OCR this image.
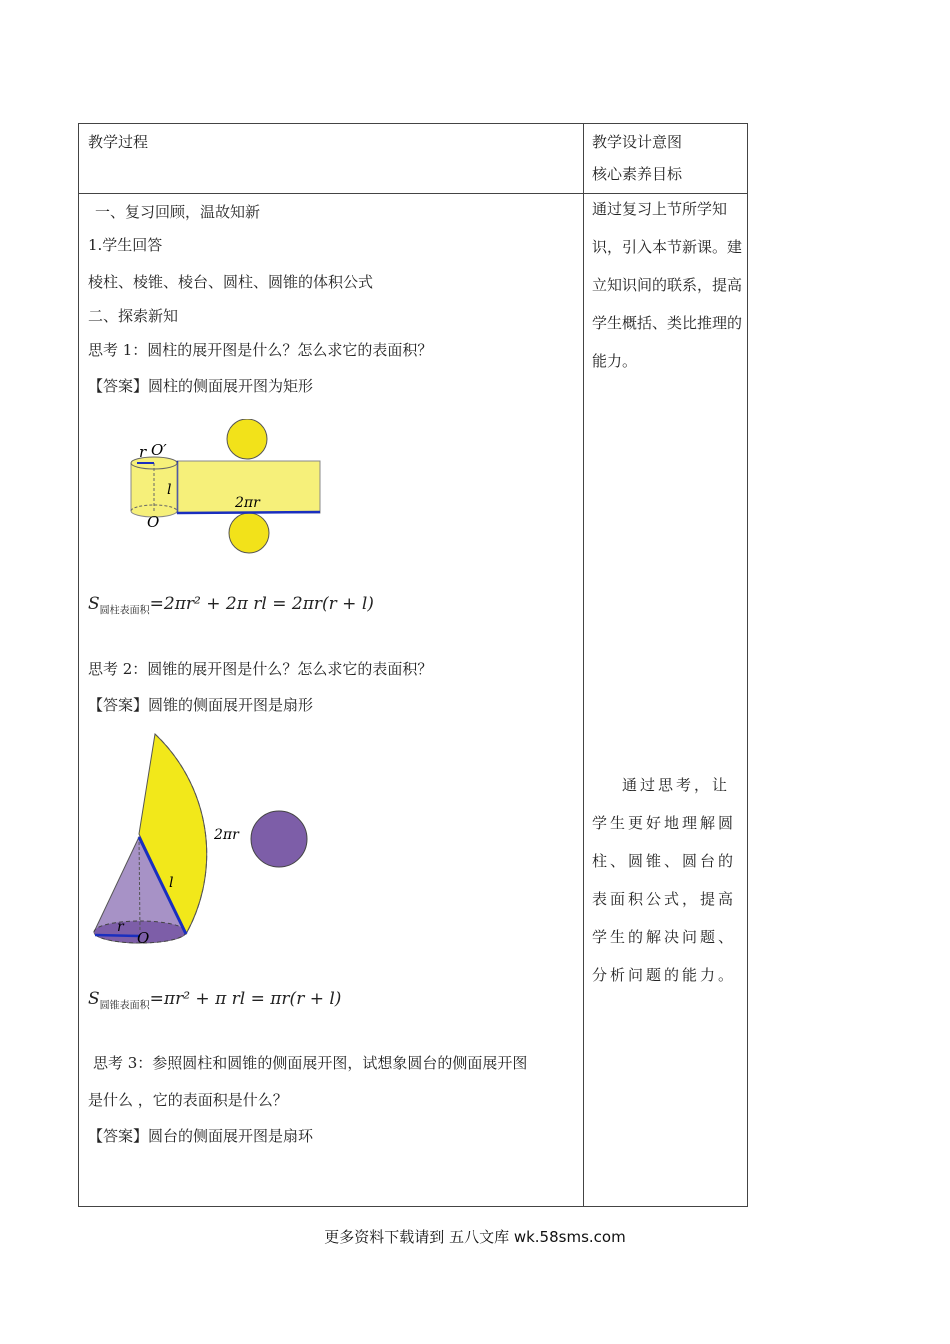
教学过程	教学设计意图
核心素养目标
一、复习回顾，温故知新
1.学生回答
棱柱、棱锥、棱台、圆柱、圆锥的体积公式
二、探索新知
思考 1：圆柱的展开图是什么？怎么求它的表面积？
【答案】圆柱的侧面展开图为矩形
r O′
l
O
2πr
$S_{圆柱表面积}=2\pi r^2 + 2\pi$ rl = 2πr(r + l)
思考 2：圆锥的展开图是什么？怎么求它的表面积？
【答案】圆锥的侧面展开图是扇形
2πr
l
r
O
$S_{圆锥表面积}=\pi r^2 + \pi$ rl = πr(r + l)
思考 3：参照圆柱和圆锥的侧面展开图，试想象圆台的侧面展开图
是什么 ，它的表面积是什么？
【答案】圆台的侧面展开图是扇环
通过复习上节所学知识，引入本节新课。建立知识间的联系，提高学生概括、类比推理的能力。
通过思考，让学生更好地理解圆柱、圆锥、圆台的表面积公式，提高学生的解决问题、分析问题的能力。
更多资料下载请到 五八文库 wk.58sms.com
